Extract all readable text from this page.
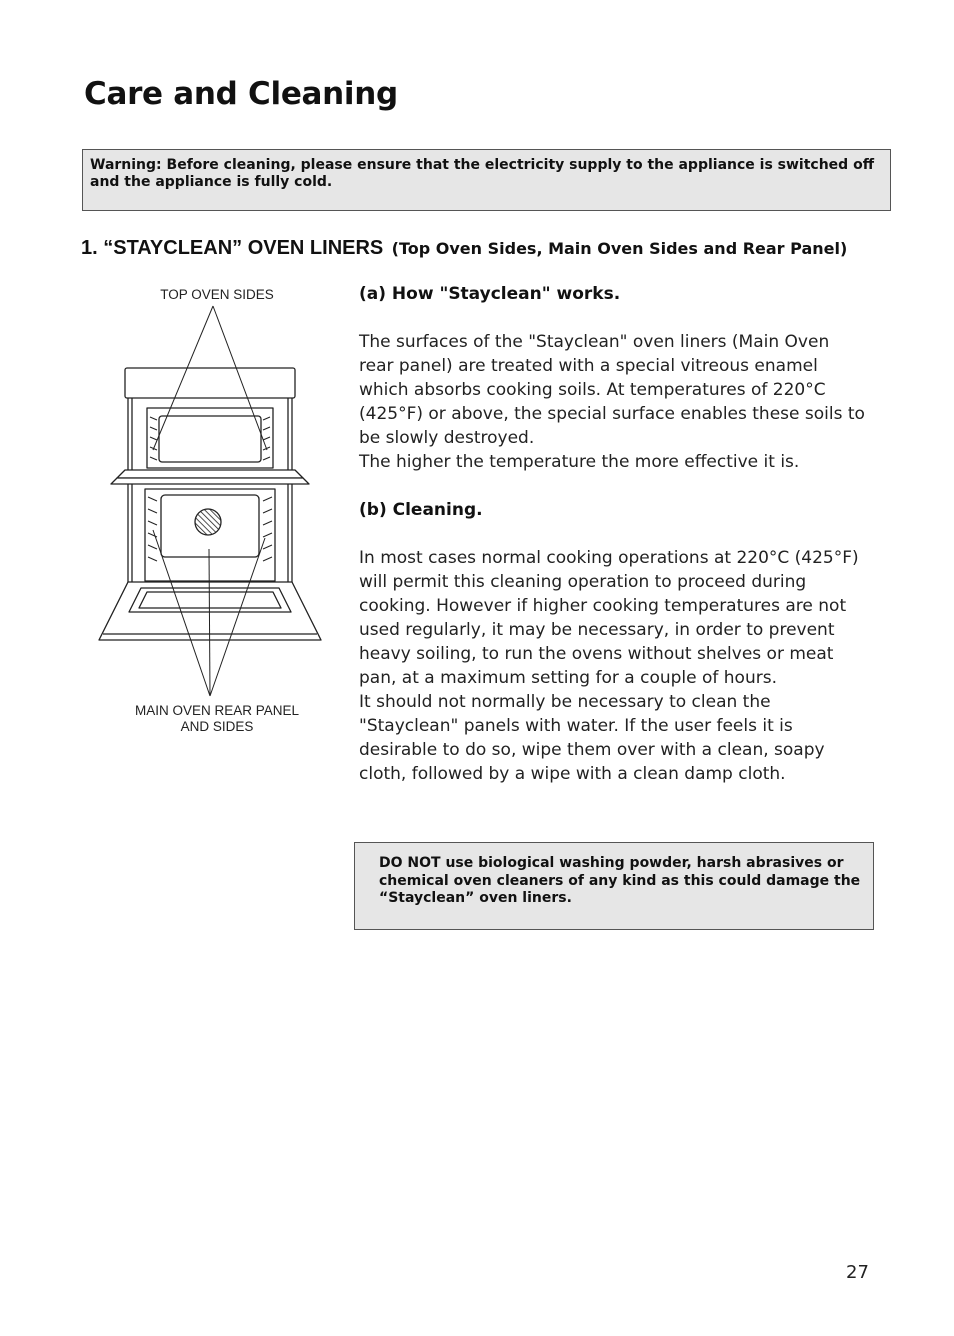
Care and Cleaning
Warning: Before cleaning, please ensure that the electricity supply to the appliance is switched off and the appliance is fully cold.
1. “STAYCLEAN” OVEN LINERS (Top Oven Sides, Main Oven Sides and Rear Panel)
TOP OVEN SIDES
MAIN OVEN REAR PANEL
AND SIDES

(a) How "Stayclean" works.

The surfaces of the "Stayclean" oven liners (Main Oven rear panel) are treated with a special vitreous enamel which absorbs cooking soils. At temperatures of 220°C (425°F) or above, the special surface enables these soils to be slowly destroyed.

The higher the temperature the more effective it is.

(b) Cleaning.

In most cases normal cooking operations at 220°C (425°F) will permit this cleaning operation to proceed during cooking. However if higher cooking temperatures are not used regularly, it may be necessary, in order to prevent heavy soiling, to run the ovens without shelves or meat pan, at a maximum setting for a couple of hours.

It should not normally be necessary to clean the "Stayclean" panels with water. If the user feels it is desirable to do so, wipe them over with a clean, soapy cloth, followed by a wipe with a clean damp cloth.

DO NOT use biological washing powder, harsh abrasives or chemical oven cleaners of any kind as this could damage the “Stayclean” oven liners.
27
